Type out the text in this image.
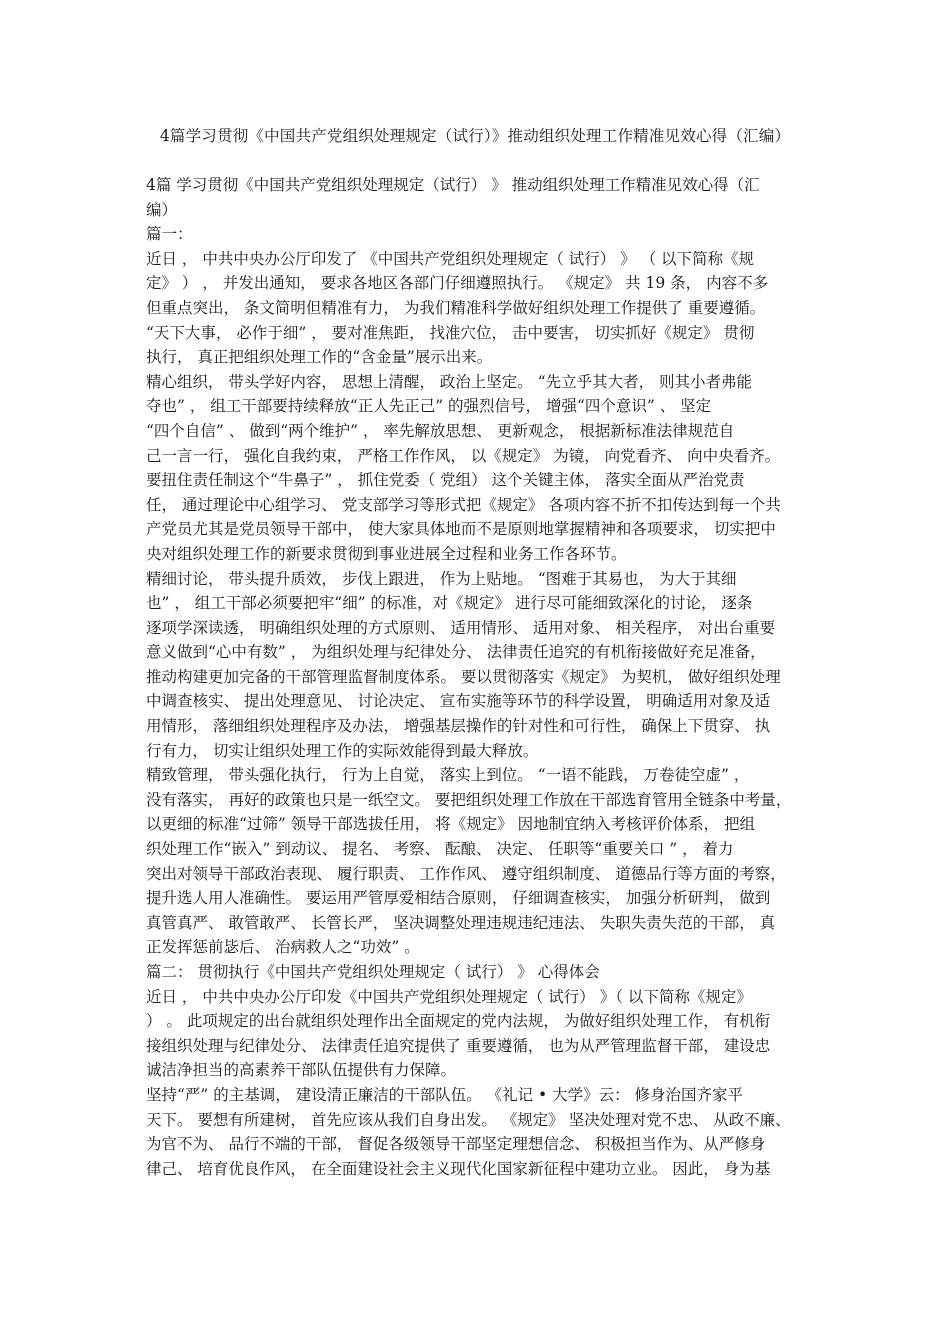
4篇学习贯彻《中国共产党组织处理规定（试行）》推动组织处理工作精准见效心得（汇编）
4篇 学习贯彻《中国共产党组织处理规定（试行） 》 推动组织处理工作精准见效心得（汇
编）
篇一：
近日 ， 中共中央办公厅印发了 《中国共产党组织处理规定（ 试行） 》 （ 以下简称《规
定》 ） ， 并发出通知， 要求各地区各部门仔细遵照执行。 《规定》 共 19 条， 内容不多
但重点突出， 条文简明但精准有力， 为我们精准科学做好组织处理工作提供了 重要遵循。
“天下大事， 必作于细” ， 要对准焦距， 找准穴位， 击中要害， 切实抓好《规定》 贯彻
执行， 真正把组织处理工作的“含金量”展示出来。
精心组织， 带头学好内容， 思想上清醒， 政治上坚定。 “先立乎其大者， 则其小者弗能
夺也” ， 组工干部要持续释放“正人先正己” 的强烈信号， 增强“四个意识” 、 坚定
“四个自信” 、 做到“两个维护” ， 率先解放思想、 更新观念， 根据新标准法律规范自
己一言一行， 强化自我约束， 严格工作作风， 以《规定》 为镜， 向党看齐、 向中央看齐。
要扭住责任制这个“牛鼻子” ， 抓住党委（ 党组） 这个关键主体， 落实全面从严治党责
任， 通过理论中心组学习、 党支部学习等形式把《规定》 各项内容不折不扣传达到每一个共
产党员尤其是党员领导干部中， 使大家具体地而不是原则地掌握精神和各项要求， 切实把中
央对组织处理工作的新要求贯彻到事业进展全过程和业务工作各环节。
精细讨论， 带头提升质效， 步伐上跟进， 作为上贴地。 “图难于其易也， 为大于其细
也” ， 组工干部必须要把牢“细” 的标准，对《规定》 进行尽可能细致深化的讨论， 逐条
逐项学深读透， 明确组织处理的方式原则、 适用情形、 适用对象、 相关程序， 对出台重要
意义做到“心中有数” ， 为组织处理与纪律处分、 法律责任追究的有机衔接做好充足准备，
推动构建更加完备的干部管理监督制度体系。 要以贯彻落实《规定》 为契机， 做好组织处理
中调查核实、 提出处理意见、 讨论决定、 宣布实施等环节的科学设置， 明确适用对象及适
用情形， 落细组织处理程序及办法， 增强基层操作的针对性和可行性， 确保上下贯穿、 执
行有力， 切实让组织处理工作的实际效能得到最大释放。
精致管理， 带头强化执行， 行为上自觉， 落实上到位。 “一语不能践， 万卷徒空虚” ，
没有落实， 再好的政策也只是一纸空文。 要把组织处理工作放在干部选育管用全链条中考量，
以更细的标准“过筛” 领导干部选拔任用， 将《规定》 因地制宜纳入考核评价体系， 把组
织处理工作“嵌入” 到动议、 提名、 考察、 酝酿、 决定、 任职等“重要关口 ” ， 着力
突出对领导干部政治表现、 履行职责、 工作作风、 遵守组织制度、 道德品行等方面的考察，
提升选人用人准确性。 要运用严管厚爱相结合原则， 仔细调查核实， 加强分析研判， 做到
真管真严、 敢管敢严、 长管长严， 坚决调整处理违规违纪违法、 失职失责失范的干部， 真
正发挥惩前毖后、 治病救人之“功效” 。
篇二： 贯彻执行《中国共产党组织处理规定（ 试行） 》 心得体会
近日 ， 中共中央办公厅印发《中国共产党组织处理规定（ 试行） 》（ 以下简称《规定》
） 。 此项规定的出台就组织处理作出全面规定的党内法规， 为做好组织处理工作， 有机衔
接组织处理与纪律处分、 法律责任追究提供了 重要遵循， 也为从严管理监督干部， 建设忠
诚洁净担当的高素养干部队伍提供有力保障。
坚持“严” 的主基调， 建设清正廉洁的干部队伍。 《礼记 • 大学》云： 修身治国齐家平
天下。 要想有所建树， 首先应该从我们自身出发。 《规定》 坚决处理对党不忠、 从政不廉、
为官不为、 品行不端的干部， 督促各级领导干部坚定理想信念、 积极担当作为、从严修身
律己、 培育优良作风， 在全面建设社会主义现代化国家新征程中建功立业。 因此， 身为基
